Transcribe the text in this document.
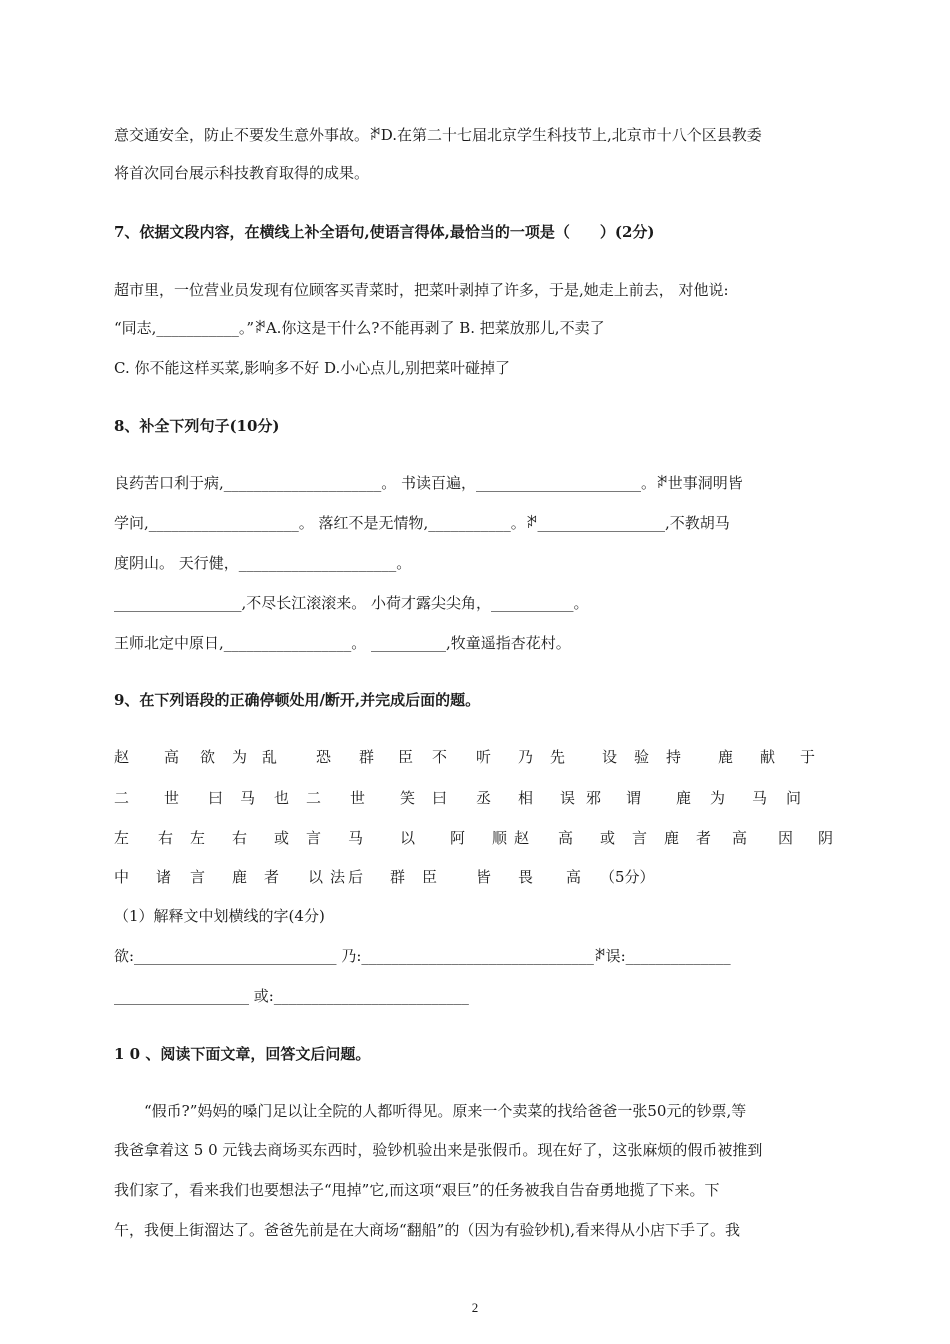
意交通安全，防止不要发生意外事故。ꎥD.在第二十七届北京学生科技节上,北京市十八个区县教委
将首次同台展示科技教育取得的成果。
7、依据文段内容，在横线上补全语句,使语言得体,最恰当的一项是（　　）(2分)
超市里，一位营业员发现有位顾客买青菜时，把菜叶剥掉了许多，于是,她走上前去， 对他说:
“同志,___________。”ꎥA.你这是干什么?不能再剥了 B. 把菜放那儿,不卖了
C. 你不能这样买菜,影响多不好 D.小心点儿,别把菜叶碰掉了
8、补全下列句子(10分)
良药苦口利于病,_____________________。 书读百遍，______________________。ꎥ世事洞明皆
学问,____________________。 落红不是无情物,___________。ꎥ_________________,不教胡马
度阴山。 天行健，_____________________。
_________________,不尽长江滚滚来。 小荷才露尖尖角，___________。
王师北定中原日,_________________。 __________,牧童遥指杏花村。
9、在下列语段的正确停顿处用/断开,并完成后面的题。
赵 高 欲 为 乱	恐 群 臣 不 听 乃 先 设 验 持 鹿 献 于
二 世 曰 马 也 二 世 笑 曰 丞 相 误 邪 谓 鹿 为 马 问
左 右 左 右 或 言 马 以 阿 顺 赵 高 或 言 鹿 者 高 因 阴
中 诸 言 鹿 者 以 法 后 群 臣	皆 畏 高 （5分）
（1）解释文中划横线的字(4分)
欲:___________________________ 乃:_______________________________ꎥ误:______________
__________________ 或:__________________________
1 0 、阅读下面文章，回答文后问题。
“假币?”妈妈的嗓门足以让全院的人都听得见。原来一个卖菜的找给爸爸一张50元的钞票,等
我爸拿着这 5 0 元钱去商场买东西时，验钞机验出来是张假币。现在好了，这张麻烦的假币被推到
我们家了，看来我们也要想法子“甩掉”它,而这项“艰巨”的任务被我自告奋勇地揽了下来。下
午，我便上街溜达了。爸爸先前是在大商场“翻船”的（因为有验钞机),看来得从小店下手了。我
2
